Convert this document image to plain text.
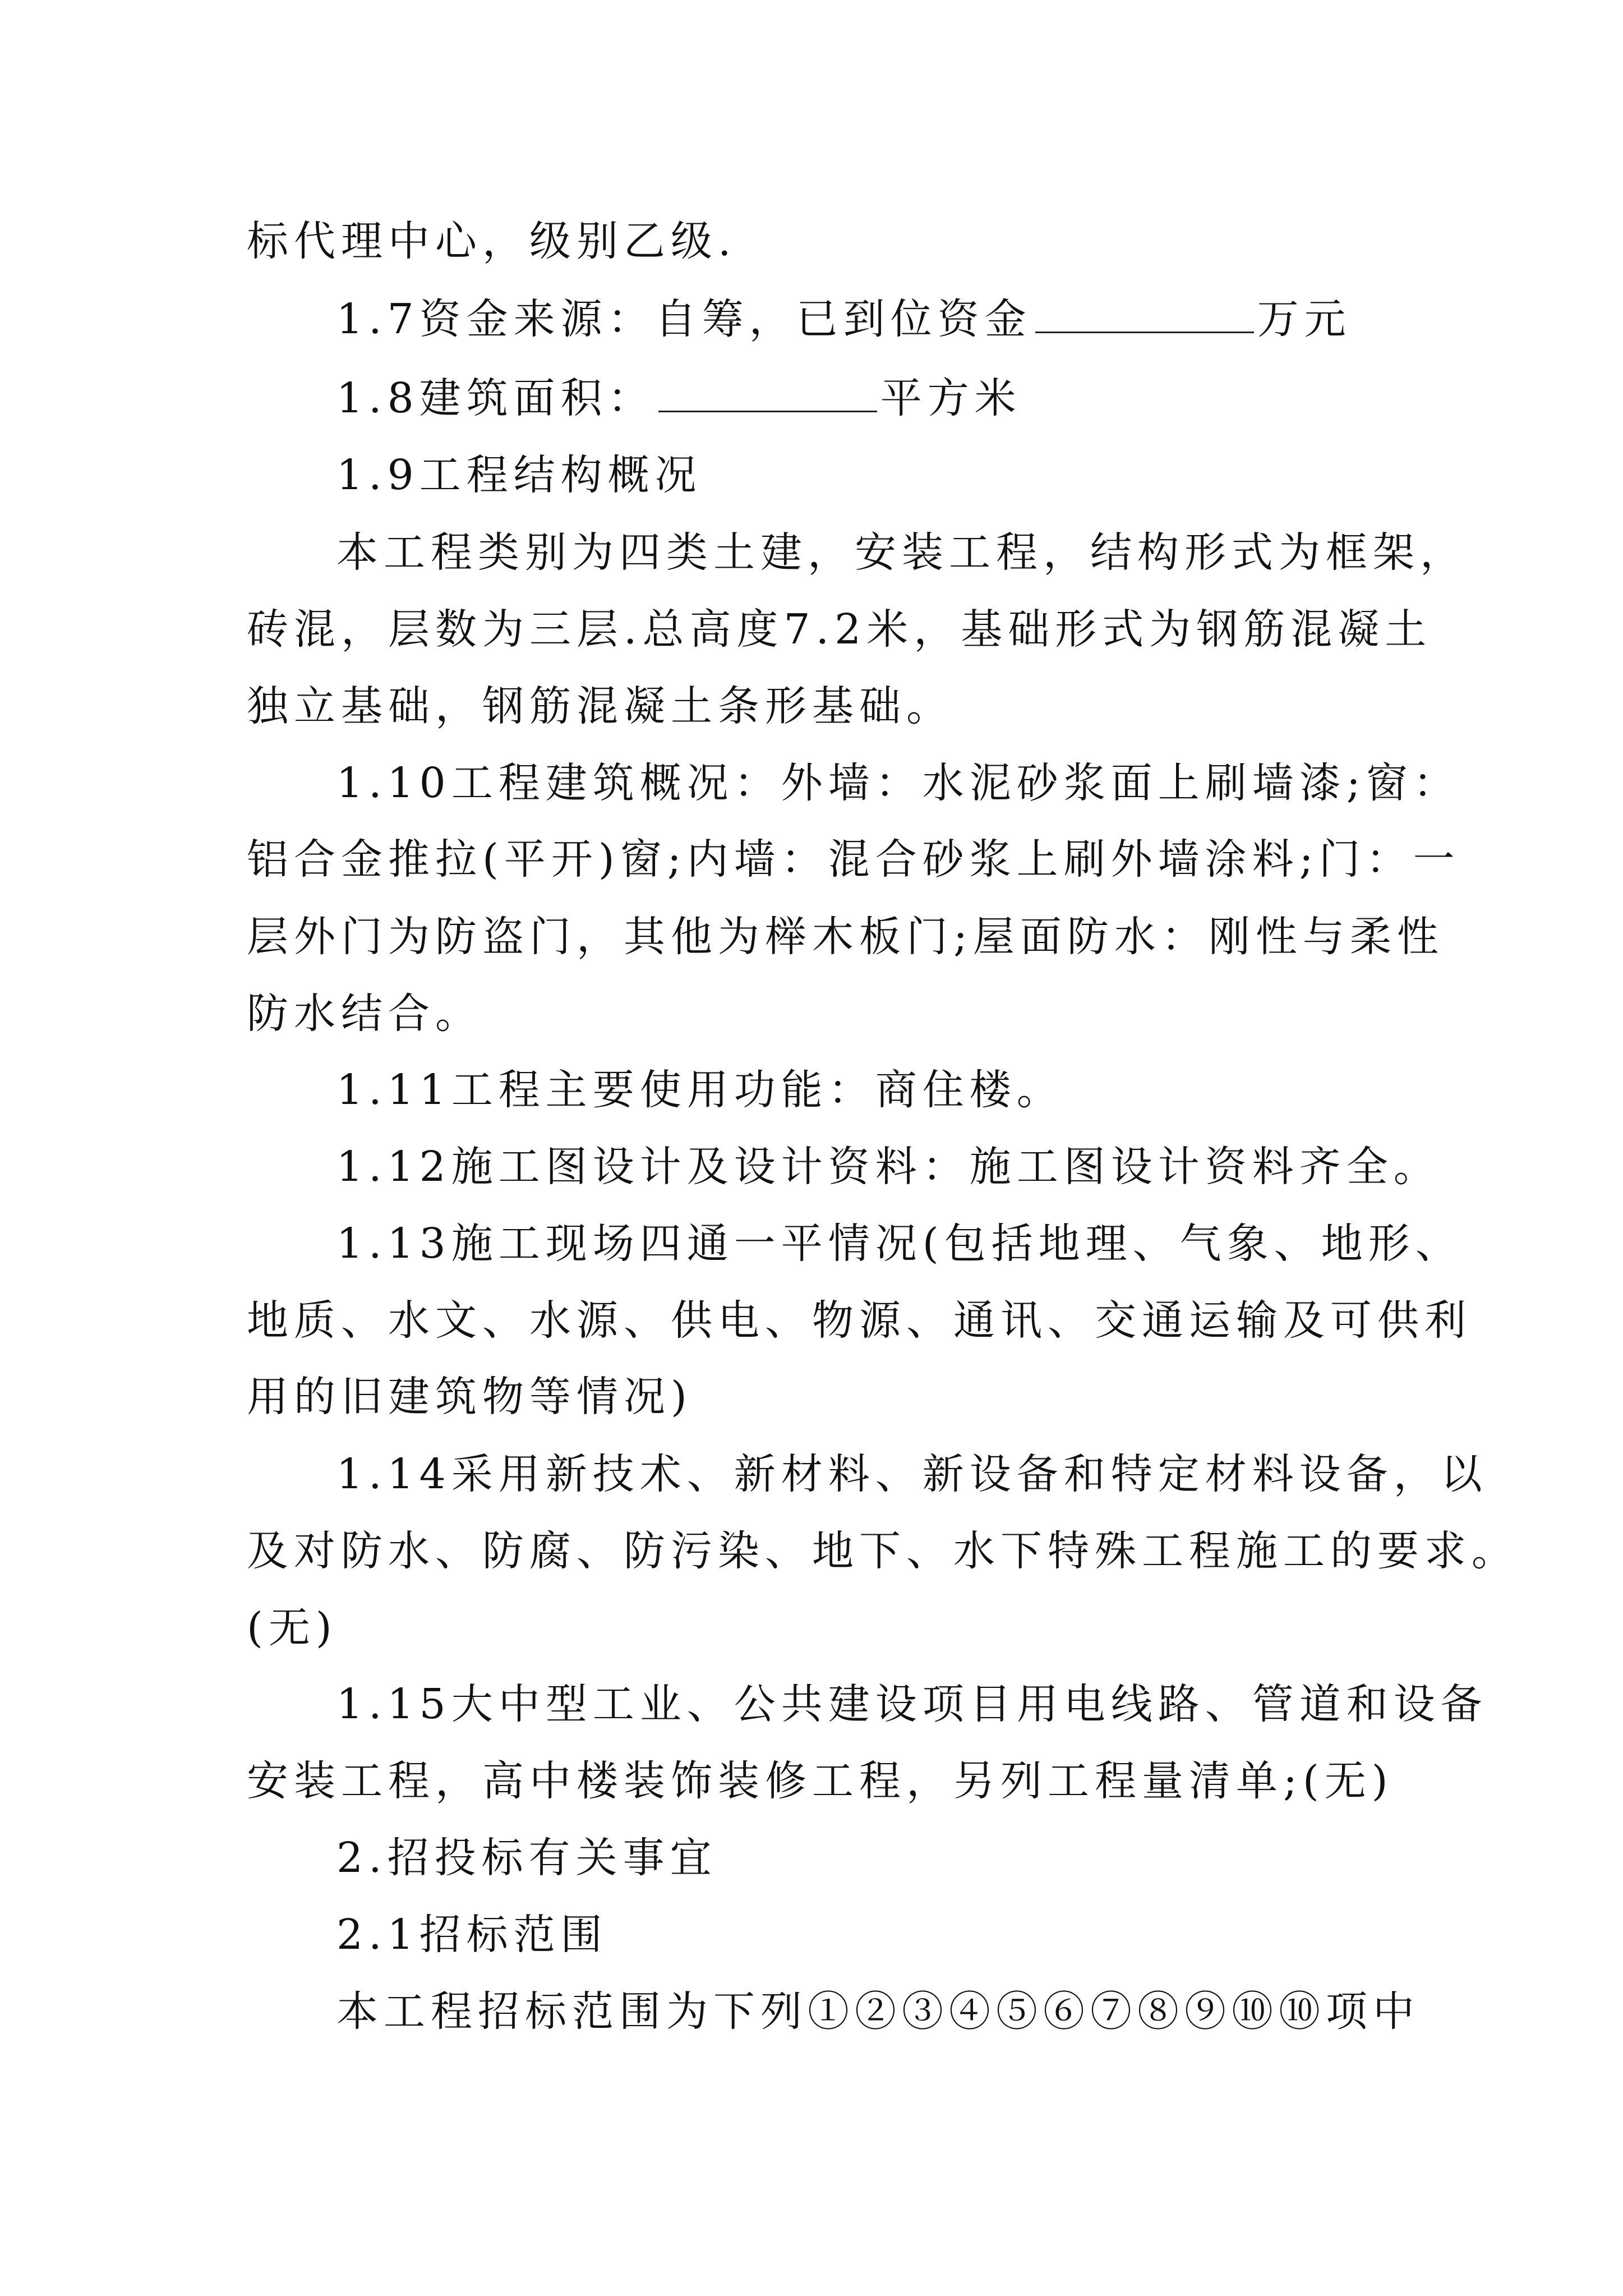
标代理中心，级别乙级.
1.7资金来源：自筹，已到位资金	万元
1.8建筑面积：	平方米
1.9工程结构概况
本工程类别为四类土建，安装工程，结构形式为框架，
砖混，层数为三层.总高度7.2米，基础形式为钢筋混凝土
独立基础，钢筋混凝土条形基础。
1.10工程建筑概况：外墙：水泥砂浆面上刷墙漆;窗：
铝合金推拉(平开)窗;内墙：混合砂浆上刷外墙涂料;门：一
层外门为防盗门，其他为榉木板门;屋面防水：刚性与柔性
防水结合。
1.11工程主要使用功能：商住楼。
1.12施工图设计及设计资料：施工图设计资料齐全。
1.13施工现场四通一平情况(包括地理、气象、地形、
地质、水文、水源、供电、物源、通讯、交通运输及可供利
用的旧建筑物等情况)
1.14采用新技术、新材料、新设备和特定材料设备，以
及对防水、防腐、防污染、地下、水下特殊工程施工的要求。
(无)
1.15大中型工业、公共建设项目用电线路、管道和设备
安装工程，高中楼装饰装修工程，另列工程量清单;(无)
2.招投标有关事宜
2.1招标范围
本工程招标范围为下列①②③④⑤⑥⑦⑧⑨⑩⑩项中
